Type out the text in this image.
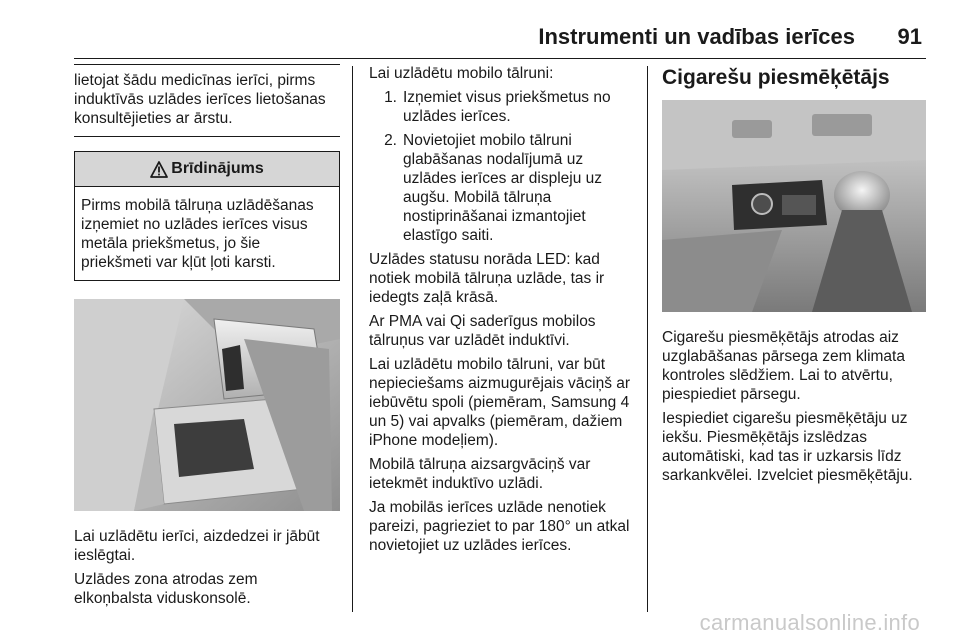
Instrumenti un vadības ierīces 91

lietojat šādu medicīnas ierīci, pirms induktīvās uzlādes ierīces lietošanas konsultējieties ar ārstu.

Brīdinājums

Pirms mobilā tālruņa uzlādēšanas izņemiet no uzlādes ierīces visus metāla priekšmetus, jo šie priekšmeti var kļūt ļoti karsti.

Lai uzlādētu ierīci, aizdedzei ir jābūt ieslēgtai.

Uzlādes zona atrodas zem elkoņbalsta viduskonsolē.

Lai uzlādētu mobilo tālruni:

1. Izņemiet visus priekšmetus no uzlādes ierīces.
2. Novietojiet mobilo tālruni glabāšanas nodalījumā uz uzlādes ierīces ar displeju uz augšu. Mobilā tālruņa nostiprināšanai izmantojiet elastīgo saiti.

Uzlādes statusu norāda LED: kad notiek mobilā tālruņa uzlāde, tas ir iedegts zaļā krāsā.

Ar PMA vai Qi saderīgus mobilos tālruņus var uzlādēt induktīvi.

Lai uzlādētu mobilo tālruni, var būt nepieciešams aizmugurējais vāciņš ar iebūvētu spoli (piemēram, Samsung 4 un 5) vai apvalks (piemēram, dažiem iPhone modeļiem).

Mobilā tālruņa aizsargvāciņš var ietekmēt induktīvo uzlādi.

Ja mobilās ierīces uzlāde nenotiek pareizi, pagrieziet to par 180° un atkal novietojiet uz uzlādes ierīces.

Cigarešu piesmēķētājs

Cigarešu piesmēķētājs atrodas aiz uzglabāšanas pārsega zem klimata kontroles slēdžiem. Lai to atvērtu, piespiediet pārsegu.

Iespiediet cigarešu piesmēķētāju uz iekšu. Piesmēķētājs izslēdzas automātiski, kad tas ir uzkarsis līdz sarkankvēlei. Izvelciet piesmēķētāju.

carmanualsonline.info
